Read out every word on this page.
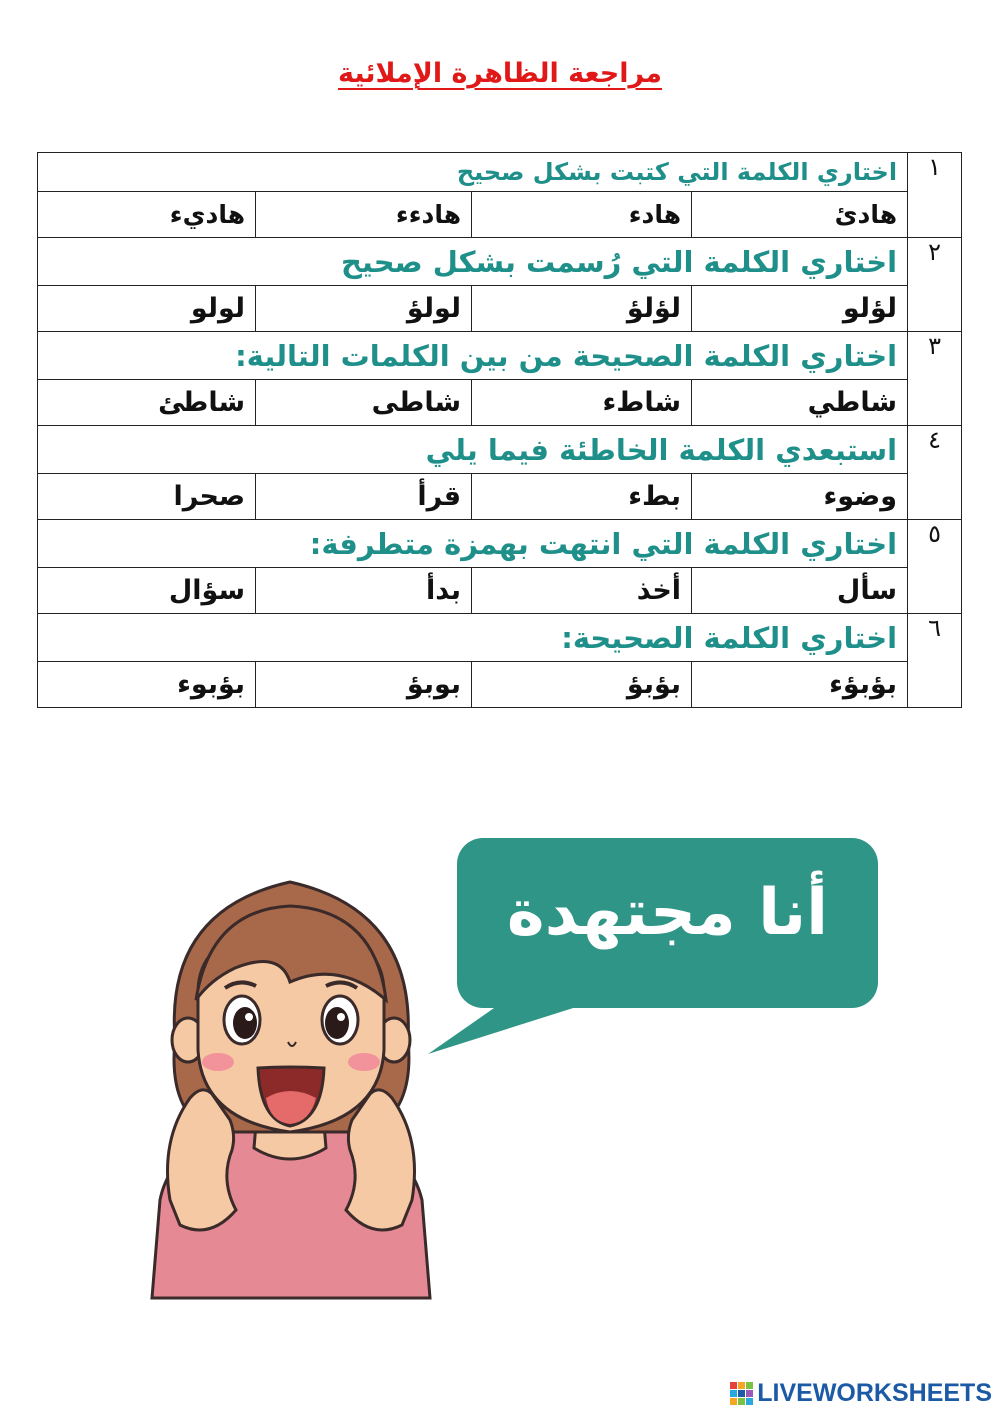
مراجعة الظاهرة الإملائية
١	اختاري الكلمة التي كتبت بشكل صحيح			
	هادئ	هادء	هادءء	هاديء
٢	اختاري الكلمة التي رُسمت بشكل صحيح			
	لؤلو	لؤلؤ	لولؤ	لولو
٣	اختاري الكلمة الصحيحة من بين الكلمات التالية:			
	شاطي	شاطء	شاطى	شاطئ
٤	استبعدي الكلمة الخاطئة فيما يلي			
	وضوء	بطء	قرأ	صحرا
٥	اختاري الكلمة التي انتهت بهمزة متطرفة:			
	سأل	أخذ	بدأ	سؤال
٦	اختاري الكلمة الصحيحة:			
	بؤبؤء	بؤبؤ	بوبؤ	بؤبوء
أنا مجتهدة
LIVEWORKSHEETS
